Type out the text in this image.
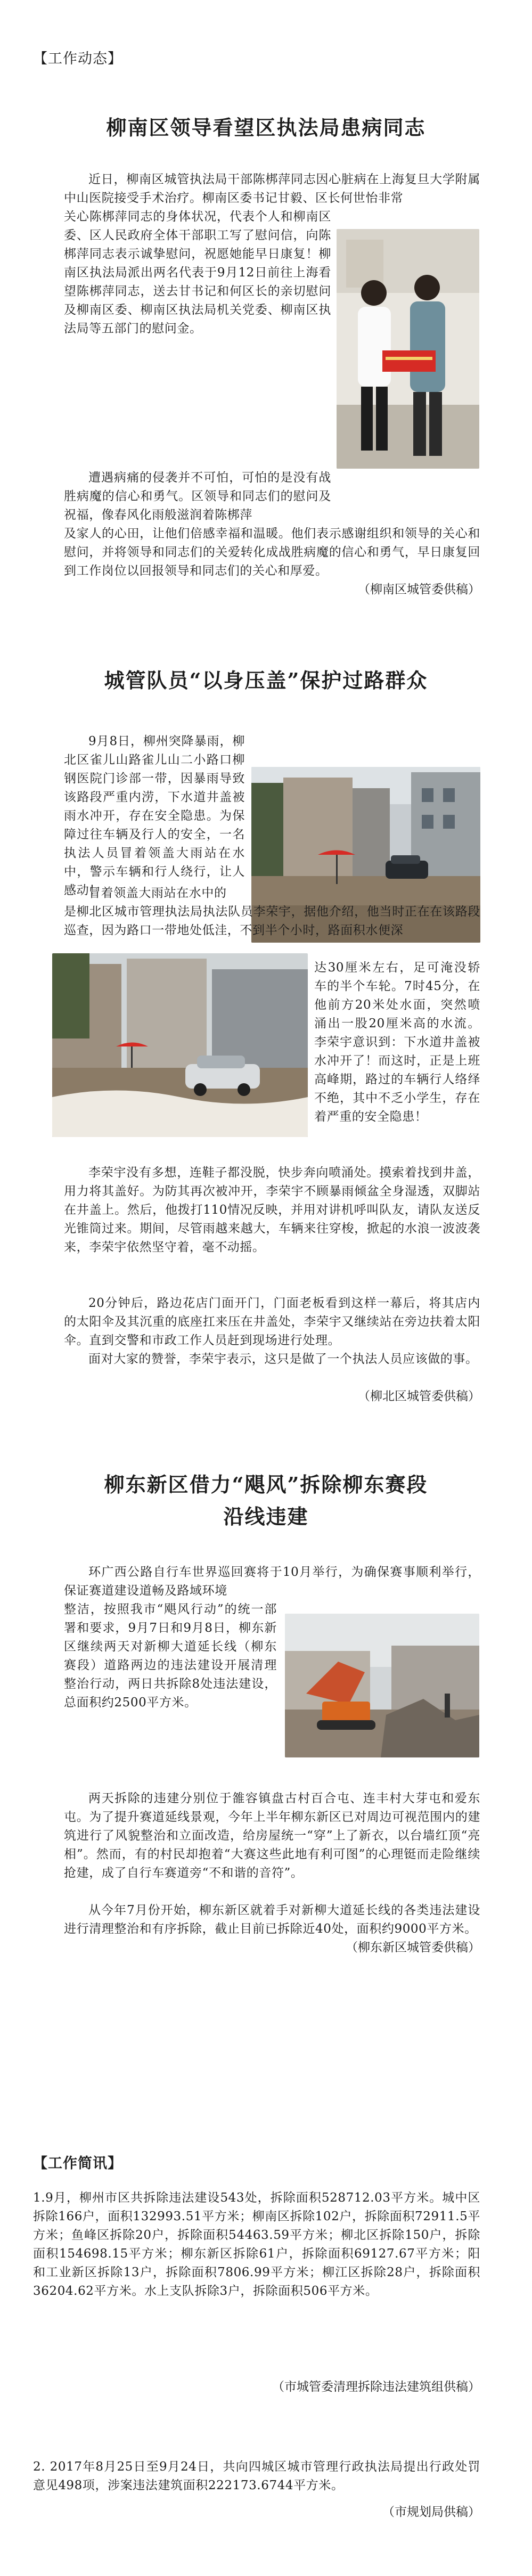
【工作动态】
柳南区领导看望区执法局患病同志

近日，柳南区城管执法局干部陈梆萍同志因心脏病在上海复旦大学附属中山医院接受手术治疗。柳南区委书记甘毅、区长何世怡非常

关心陈梆萍同志的身体状况，代表个人和柳南区委、区人民政府全体干部职工写了慰问信，向陈梆萍同志表示诚挚慰问，祝愿她能早日康复！柳南区执法局派出两名代表于9月12日前往上海看望陈梆萍同志，送去甘书记和何区长的亲切慰问及柳南区委、柳南区执法局机关党委、柳南区执法局等五部门的慰问金。

遭遇病痛的侵袭并不可怕，可怕的是没有战胜病魔的信心和勇气。区领导和同志们的慰问及祝福，像春风化雨般滋润着陈梆萍

及家人的心田，让他们倍感幸福和温暖。他们表示感谢组织和领导的关心和慰问，并将领导和同志们的关爱转化成战胜病魔的信心和勇气，早日康复回到工作岗位以回报领导和同志们的关心和厚爱。

（柳南区城管委供稿）
城管队员“以身压盖”保护过路群众

9月8日，柳州突降暴雨，柳北区雀儿山路雀儿山二小路口柳钢医院门诊部一带，因暴雨导致该路段严重内涝，下水道井盖被雨水冲开，存在安全隐患。为保障过往车辆及行人的安全，一名执法人员冒着领盖大雨站在水中，警示车辆和行人绕行，让人感动！

冒着领盖大雨站在水中的

是柳北区城市管理执法局执法队员李荣宇，据他介绍，他当时正在在该路段巡查，因为路口一带地处低洼，不到半个小时，路面积水便深

达30厘米左右，足可淹没轿车的半个车轮。7时45分，在他前方20米处水面，突然喷涌出一股20厘米高的水流。李荣宇意识到：下水道井盖被水冲开了！而这时，正是上班高峰期，路过的车辆行人络绎不绝，其中不乏小学生，存在着严重的安全隐患！

李荣宇没有多想，连鞋子都没脱，快步奔向喷涌处。摸索着找到井盖，用力将其盖好。为防其再次被冲开，李荣宇不顾暴雨倾盆全身湿透，双脚站在井盖上。然后，他拨打110情况反映，并用对讲机呼叫队友，请队友送反光锥筒过来。期间，尽管雨越来越大，车辆来往穿梭，掀起的水浪一波波袭来，李荣宇依然坚守着，毫不动摇。

20分钟后，路边花店门面开门，门面老板看到这样一幕后，将其店内的太阳伞及其沉重的底座扛来压在井盖处，李荣宇又继续站在旁边扶着太阳伞。直到交警和市政工作人员赶到现场进行处理。

面对大家的赞誉，李荣宇表示，这只是做了一个执法人员应该做的事。

（柳北区城管委供稿）
柳东新区借力“飓风”拆除柳东赛段
沿线违建

环广西公路自行车世界巡回赛将于10月举行，为确保赛事顺利举行，保证赛道建设道畅及路域环境

整洁，按照我市“飓风行动”的统一部署和要求，9月7日和9月8日，柳东新区继续两天对新柳大道延长线（柳东赛段）道路两边的违法建设开展清理整治行动，两日共拆除8处违法建设，总面积约2500平方米。

两天拆除的违建分别位于雒容镇盘古村百合屯、连丰村大芽屯和爱东屯。为了提升赛道延线景观，今年上半年柳东新区已对周边可视范围内的建筑进行了风貌整治和立面改造，给房屋统一“穿”上了新衣，以台墙红顶“亮相”。然而，有的村民却抱着“大赛这些此地有利可图”的心理铤而走险继续抢建，成了自行车赛道旁“不和谐的音符”。

从今年7月份开始，柳东新区就着手对新柳大道延长线的各类违法建设进行清理整治和有序拆除，截止目前已拆除近40处，面积约9000平方米。

（柳东新区城管委供稿）
【工作简讯】

1.9月，柳州市区共拆除违法建设543处，拆除面积528712.03平方米。城中区拆除166户，面积132993.51平方米；柳南区拆除102户，拆除面积72911.5平方米；鱼峰区拆除20户，拆除面积54463.59平方米；柳北区拆除150户，拆除面积154698.15平方米；柳东新区拆除61户，拆除面积69127.67平方米；阳和工业新区拆除13户，拆除面积7806.99平方米；柳江区拆除28户，拆除面积36204.62平方米。水上支队拆除3户，拆除面积506平方米。

（市城管委清理拆除违法建筑组供稿）

2. 2017年8月25日至9月24日，共向四城区城市管理行政执法局提出行政处罚意见498项，涉案违法建筑面积222173.6744平方米。

（市规划局供稿）
